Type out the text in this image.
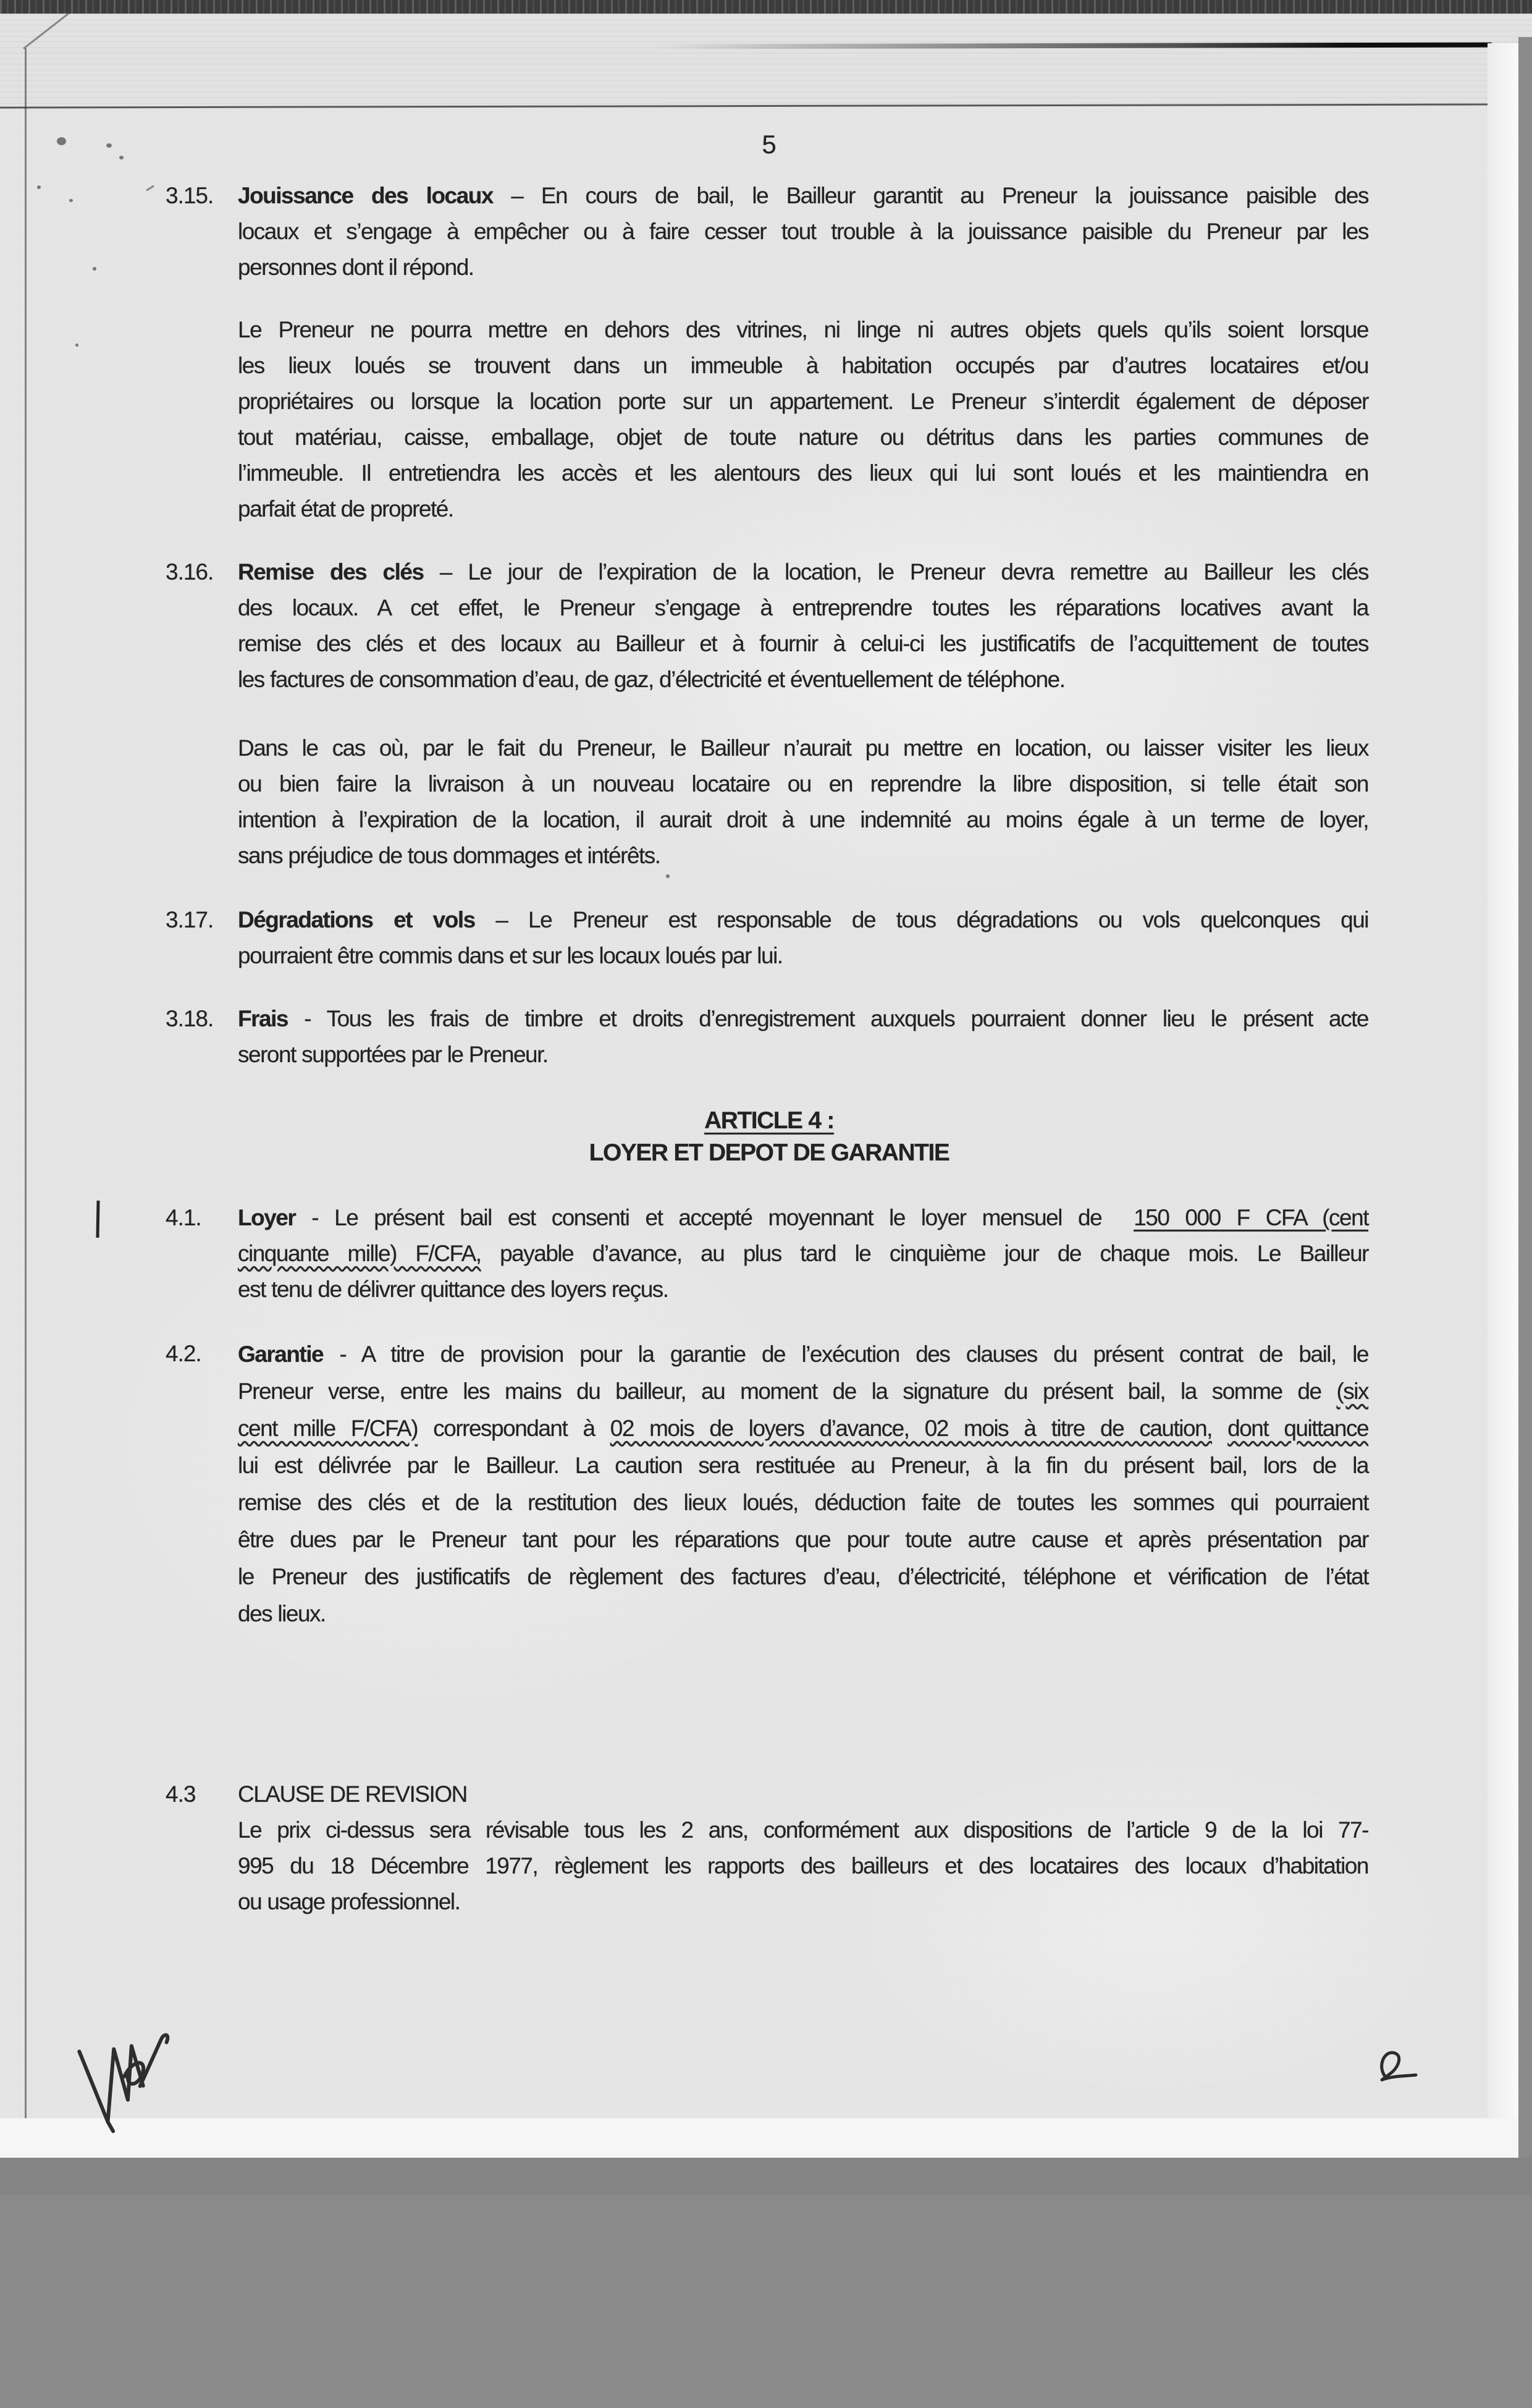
5
3.15.	Jouissance des locaux – En cours de bail, le Bailleur garantit au Preneur la jouissance paisible des
locaux et s’engage à empêcher ou à faire cesser tout trouble à la jouissance paisible du Preneur par les
personnes dont il répond.
Le Preneur ne pourra mettre en dehors des vitrines, ni linge ni autres objets quels qu’ils soient lorsque
les lieux loués se trouvent dans un immeuble à habitation occupés par d’autres locataires et/ou
propriétaires ou lorsque la location porte sur un appartement. Le Preneur s’interdit également de déposer
tout matériau, caisse, emballage, objet de toute nature ou détritus dans les parties communes de
l’immeuble. Il entretiendra les accès et les alentours des lieux qui lui sont loués et les maintiendra en
parfait état de propreté.
3.16.	Remise des clés – Le jour de l’expiration de la location, le Preneur devra remettre au Bailleur les clés
des locaux. A cet effet, le Preneur s’engage à entreprendre toutes les réparations locatives avant la
remise des clés et des locaux au Bailleur et à fournir à celui-ci les justificatifs de l’acquittement de toutes
les factures de consommation d’eau, de gaz, d’électricité et éventuellement de téléphone.
Dans le cas où, par le fait du Preneur, le Bailleur n’aurait pu mettre en location, ou laisser visiter les lieux
ou bien faire la livraison à un nouveau locataire ou en reprendre la libre disposition, si telle était son
intention à l’expiration de la location, il aurait droit à une indemnité au moins égale à un terme de loyer,
sans préjudice de tous dommages et intérêts.
3.17.	Dégradations et vols – Le Preneur est responsable de tous dégradations ou vols quelconques qui
pourraient être commis dans et sur les locaux loués par lui.
3.18.	Frais - Tous les frais de timbre et droits d’enregistrement auxquels pourraient donner lieu le présent acte
seront supportées par le Preneur.
ARTICLE 4 :
LOYER ET DEPOT DE GARANTIE
4.1.	Loyer - Le présent bail est consenti et accepté moyennant le loyer mensuel de  150 000 F CFA (cent
cinquante mille) F/CFA, payable d’avance, au plus tard le cinquième jour de chaque mois. Le Bailleur
est tenu de délivrer quittance des loyers reçus.
4.2.	Garantie - A titre de provision pour la garantie de l’exécution des clauses du présent contrat de bail, le
Preneur verse, entre les mains du bailleur, au moment de la signature du présent bail, la somme de (six
cent mille F/CFA) correspondant à 02 mois de loyers d’avance, 02 mois à titre de caution, dont quittance
lui est délivrée par le Bailleur. La caution sera restituée au Preneur, à la fin du présent bail, lors de la
remise des clés et de la restitution des lieux loués, déduction faite de toutes les sommes qui pourraient
être dues par le Preneur tant pour les réparations que pour toute autre cause et après présentation par
le Preneur des justificatifs de règlement des factures d’eau, d’électricité, téléphone et vérification de l’état
des lieux.
4.3	CLAUSE DE REVISION
Le prix ci-dessus sera révisable tous les 2 ans, conformément aux dispositions de l’article 9 de la loi 77-
995 du 18 Décembre 1977, règlement les rapports des bailleurs et des locataires des locaux d’habitation
ou usage professionnel.
